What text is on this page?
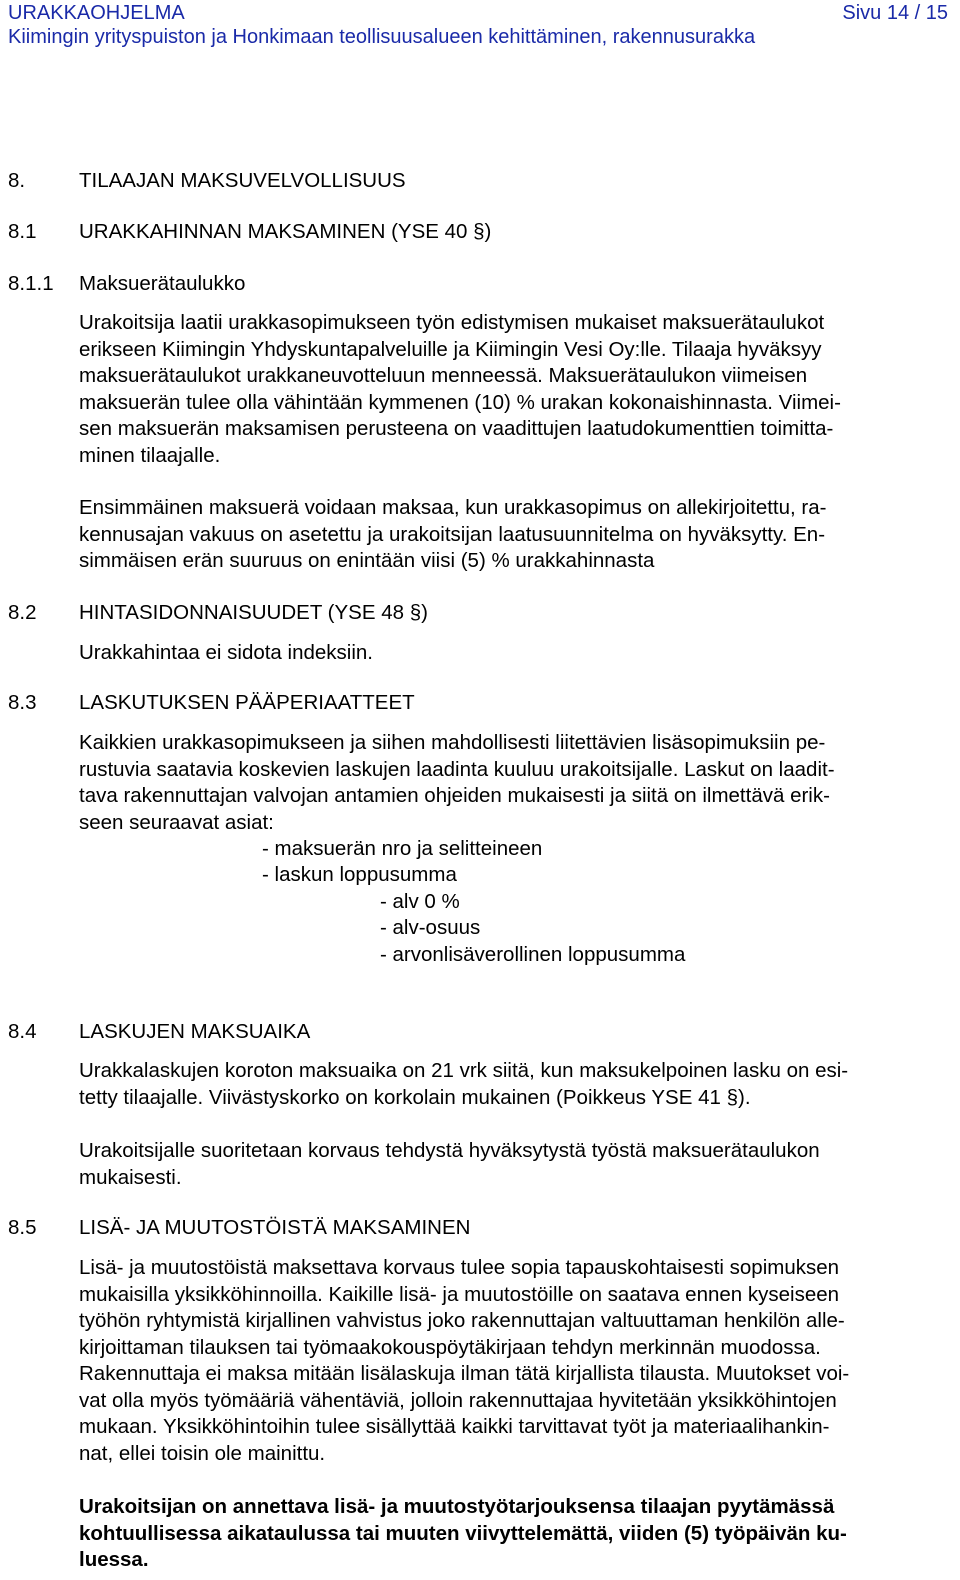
URAKKAOHJELMA	Sivu 14 / 15
Kiimingin yrityspuiston ja Honkimaan teollisuusalueen kehittäminen, rakennusurakka
8.	TILAAJAN MAKSUVELVOLLISUUS
8.1 URAKKAHINNAN MAKSAMINEN (YSE 40 §)
8.1.1 Maksuerätaulukko
Urakoitsija laatii urakkasopimukseen työn edistymisen mukaiset maksuerätaulukot
erikseen Kiimingin Yhdyskuntapalveluille ja Kiimingin Vesi Oy:lle. Tilaaja hyväksyy
maksuerätaulukot urakkaneuvotteluun menneessä. Maksuerätaulukon viimeisen
maksuerän tulee olla vähintään kymmenen (10) % urakan kokonaishinnasta. Viimei-
sen maksuerän maksamisen perusteena on vaadittujen laatudokumenttien toimitta-
minen tilaajalle.
Ensimmäinen maksuerä voidaan maksaa, kun urakkasopimus on allekirjoitettu, ra-
kennusajan vakuus on asetettu ja urakoitsijan laatusuunnitelma on hyväksytty. En-
simmäisen erän suuruus on enintään viisi (5) % urakkahinnasta
8.2 HINTASIDONNAISUUDET (YSE 48 §)
Urakkahintaa ei sidota indeksiin.
8.3 LASKUTUKSEN PÄÄPERIAATTEET
Kaikkien urakkasopimukseen ja siihen mahdollisesti liitettävien lisäsopimuksiin pe-
rustuvia saatavia koskevien laskujen laadinta kuuluu urakoitsijalle. Laskut on laadit-
tava rakennuttajan valvojan antamien ohjeiden mukaisesti ja siitä on ilmettävä erik-
seen seuraavat asiat:
- maksuerän nro ja selitteineen
- laskun loppusumma
- alv 0 %
- alv-osuus
- arvonlisäverollinen loppusumma
8.4 LASKUJEN MAKSUAIKA
Urakkalaskujen koroton maksuaika on 21 vrk siitä, kun maksukelpoinen lasku on esi-
tetty tilaajalle. Viivästyskorko on korkolain mukainen (Poikkeus YSE 41 §).
Urakoitsijalle suoritetaan korvaus tehdystä hyväksytystä työstä maksuerätaulukon
mukaisesti.
8.5 LISÄ- JA MUUTOSTÖISTÄ MAKSAMINEN
Lisä- ja muutostöistä maksettava korvaus tulee sopia tapauskohtaisesti sopimuksen
mukaisilla yksikköhinnoilla. Kaikille lisä- ja muutostöille on saatava ennen kyseiseen
työhön ryhtymistä kirjallinen vahvistus joko rakennuttajan valtuuttaman henkilön alle-
kirjoittaman tilauksen tai työmaakokouspöytäkirjaan tehdyn merkinnän muodossa.
Rakennuttaja ei maksa mitään lisälaskuja ilman tätä kirjallista tilausta. Muutokset voi-
vat olla myös työmääriä vähentäviä, jolloin rakennuttajaa hyvitetään yksikköhintojen
mukaan. Yksikköhintoihin tulee sisällyttää kaikki tarvittavat työt ja materiaalihankin-
nat, ellei toisin ole mainittu.
Urakoitsijan on annettava lisä- ja muutostyötarjouksensa tilaajan pyytämässä
kohtuullisessa aikataulussa tai muuten viivyttelemättä, viiden (5) työpäivän ku-
luessa.
